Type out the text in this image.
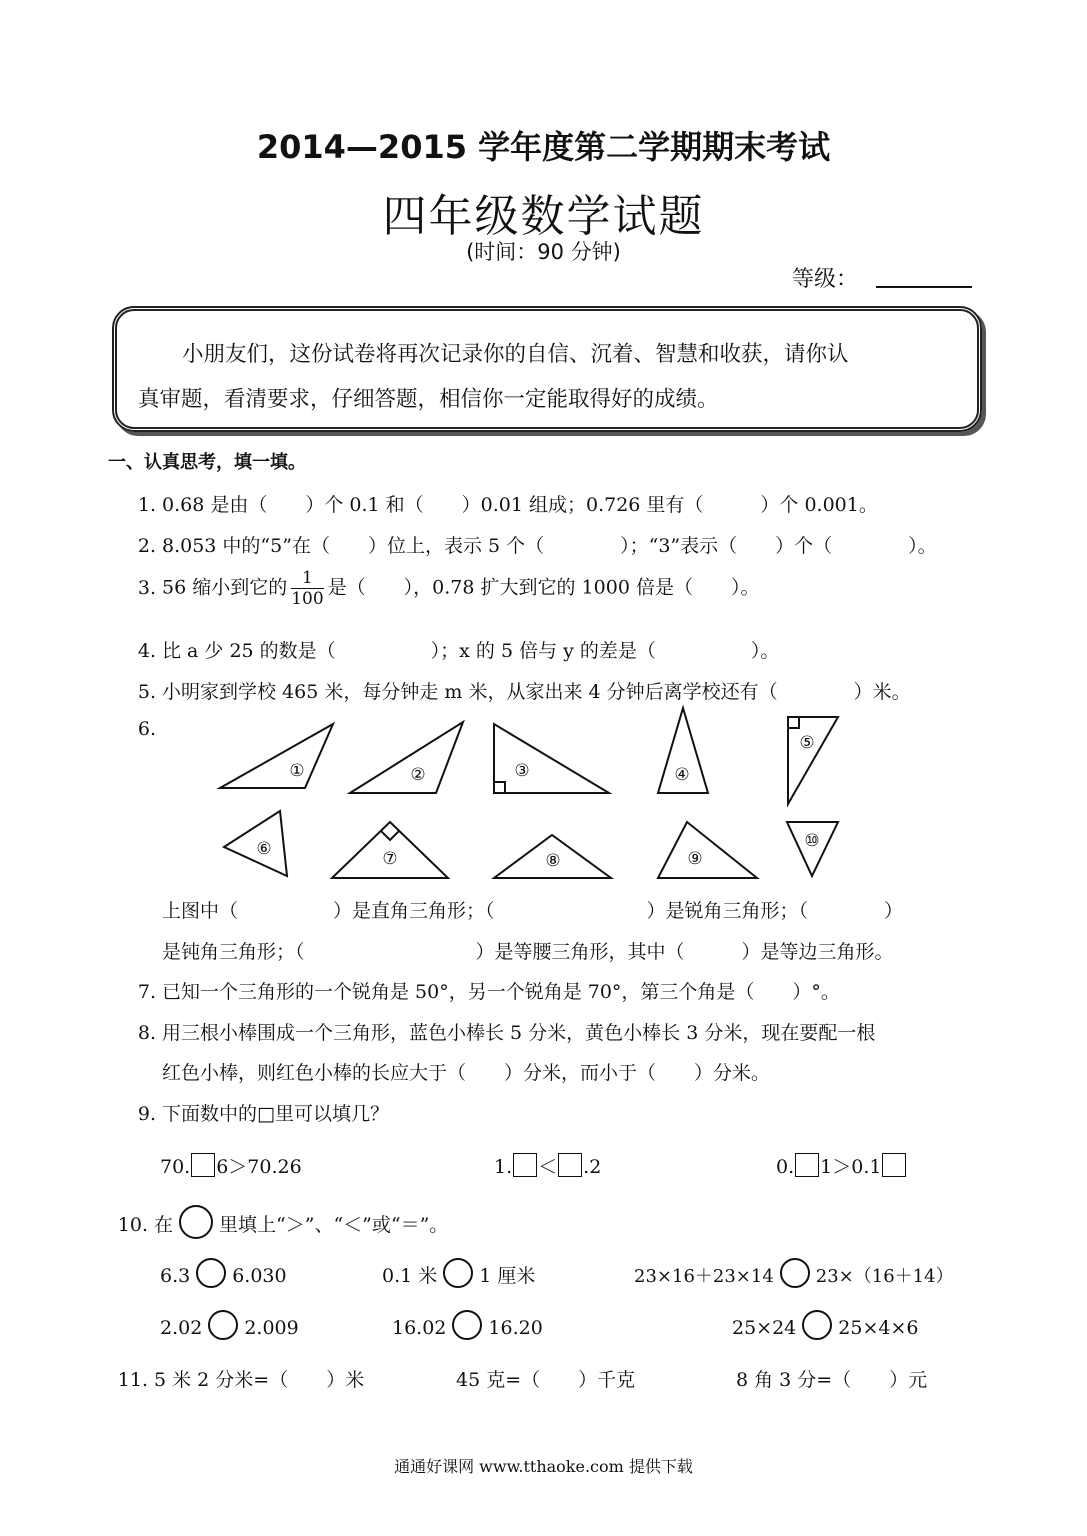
2014—2015 学年度第二学期期末考试
四年级数学试题
(时间：90 分钟)
等级：
小朋友们，这份试卷将再次记录你的自信、沉着、智慧和收获，请你认
真审题，看清要求，仔细答题，相信你一定能取得好的成绩。
一、认真思考，填一填。
1. 0.68 是由（　　）个 0.1 和（　　）0.01 组成；0.726 里有（　　　）个 0.001。
2. 8.053 中的“5”在（　　）位上，表示 5 个（　　　　）；“3”表示（　　）个（　　　　）。
3. 56 缩小到它的 $\frac{1}{100}$ 是（　　），0.78 扩大到它的 1000 倍是（　　）。
4. 比 a 少 25 的数是（　　　　　）；x 的 5 倍与 y 的差是（　　　　　）。
5. 小明家到学校 465 米，每分钟走 m 米，从家出来 4 分钟后离学校还有（　　　　）米。
6.
①	②	③	④
⑤
⑥	⑦	⑧	⑨
⑩
上图中（　　　　　）是直角三角形；（　　　　　　　　）是锐角三角形；（　　　　）
是钝角三角形；（　　　　　　　　　）是等腰三角形，其中（　　　）是等边三角形。
7. 已知一个三角形的一个锐角是 50°，另一个锐角是 70°，第三个角是（　　）°。
8. 用三根小棒围成一个三角形，蓝色小棒长 5 分米，黄色小棒长 3 分米，现在要配一根
红色小棒，则红色小棒的长应大于（　　）分米，而小于（　　）分米。
9. 下面数中的□里可以填几？
70. 6＞70.26	1. ＜ .2	0. 1＞0.1
10. 在 里填上“＞”、“＜”或“＝”。
6.3 6.030	0.1 米 1 厘米	23×16＋23×14 23×（16＋14）
2.02 2.009	16.02 16.20	25×24 25×4×6
11. 5 米 2 分米=（　　）米	45 克=（　　）千克	8 角 3 分=（　　）元
通通好课网 www.tthaoke.com 提供下载
